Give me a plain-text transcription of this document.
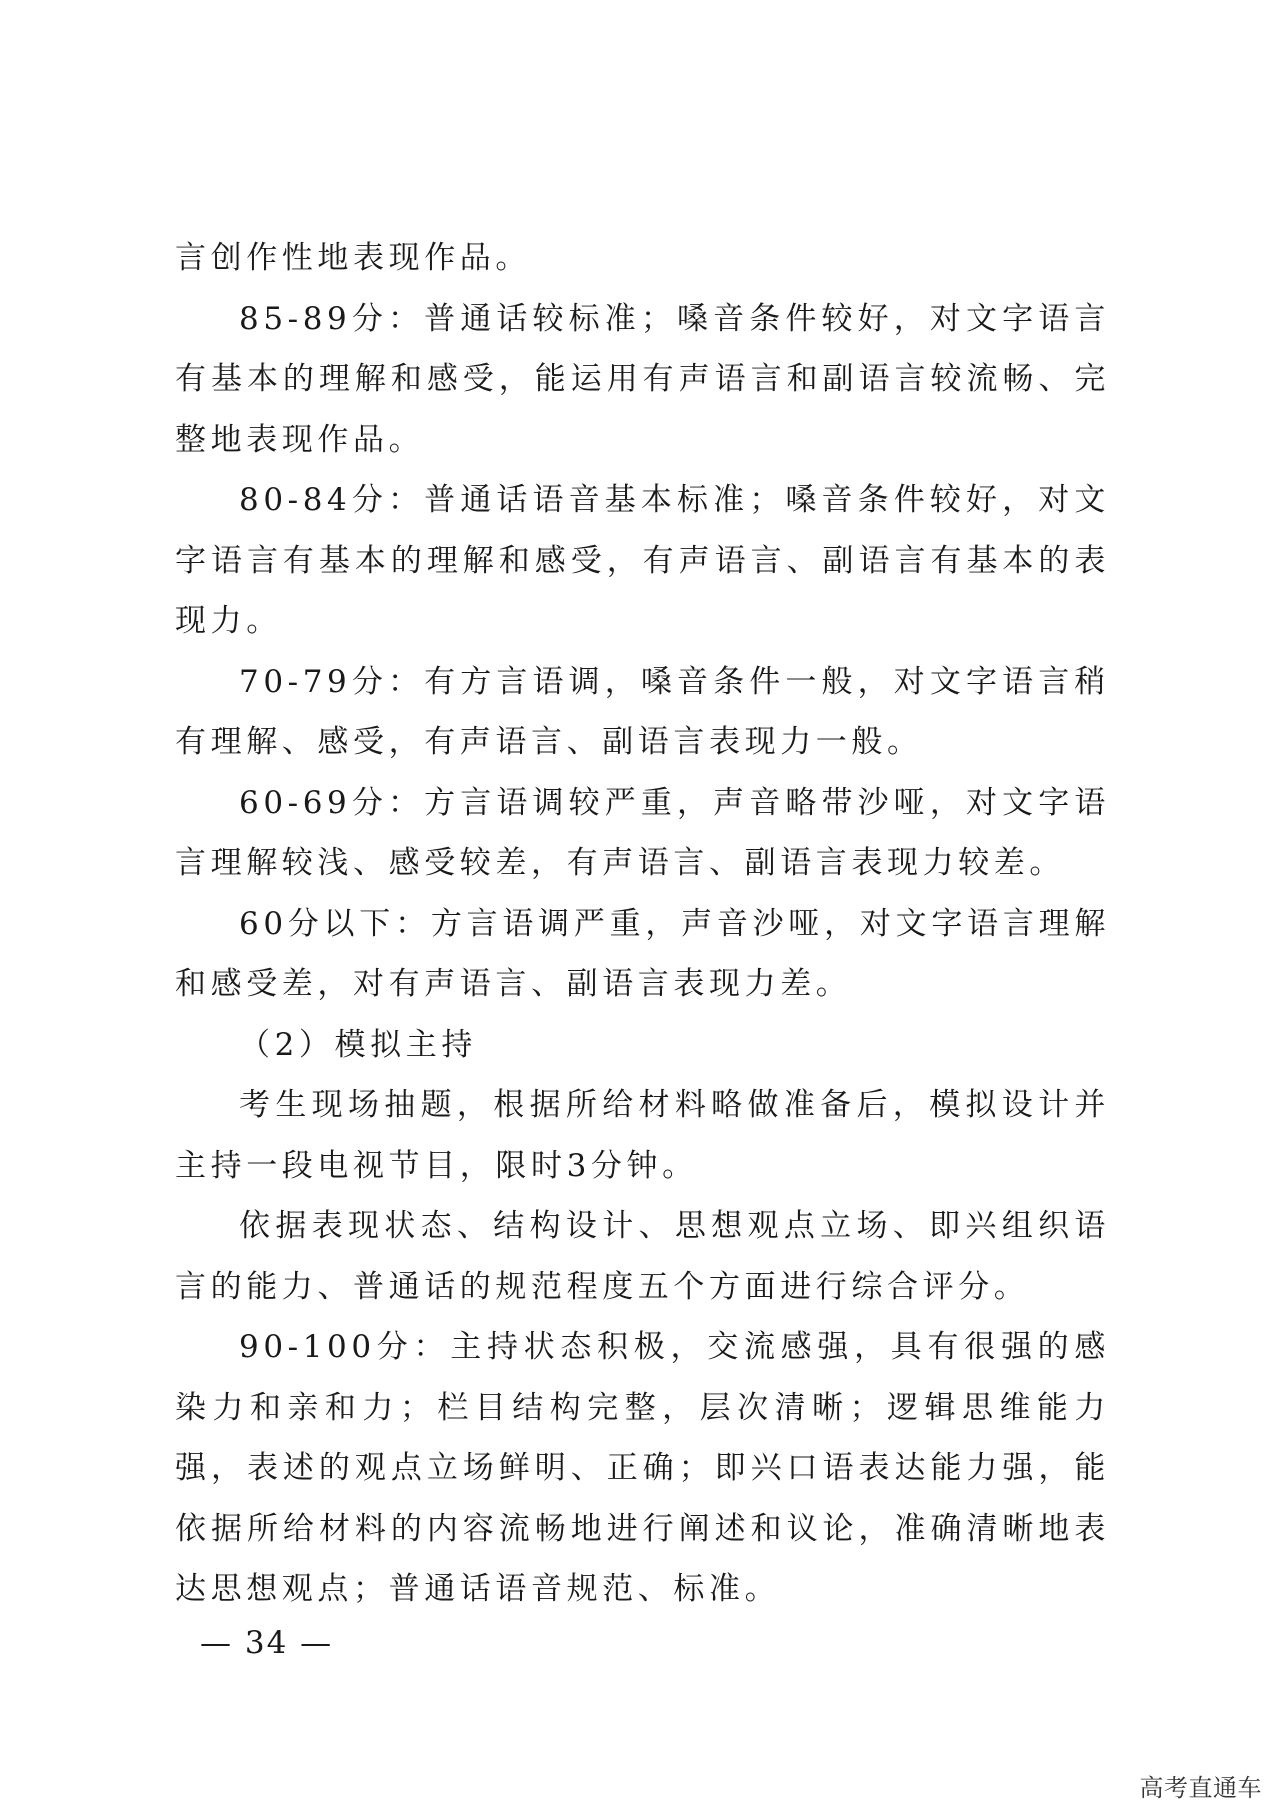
言创作性地表现作品。

85-89分：普通话较标准；嗓音条件较好，对文字语言有基本的理解和感受，能运用有声语言和副语言较流畅、完整地表现作品。

80-84分：普通话语音基本标准；嗓音条件较好，对文字语言有基本的理解和感受，有声语言、副语言有基本的表现力。

70-79分：有方言语调，嗓音条件一般，对文字语言稍有理解、感受，有声语言、副语言表现力一般。

60-69分：方言语调较严重，声音略带沙哑，对文字语言理解较浅、感受较差，有声语言、副语言表现力较差。

60分以下：方言语调严重，声音沙哑，对文字语言理解和感受差，对有声语言、副语言表现力差。

（2）模拟主持

考生现场抽题，根据所给材料略做准备后，模拟设计并主持一段电视节目，限时3分钟。

依据表现状态、结构设计、思想观点立场、即兴组织语言的能力、普通话的规范程度五个方面进行综合评分。

90-100分：主持状态积极，交流感强，具有很强的感染力和亲和力；栏目结构完整，层次清晰；逻辑思维能力强，表述的观点立场鲜明、正确；即兴口语表达能力强，能依据所给材料的内容流畅地进行阐述和议论，准确清晰地表达思想观点；普通话语音规范、标准。

— 34 —
高考直通车
